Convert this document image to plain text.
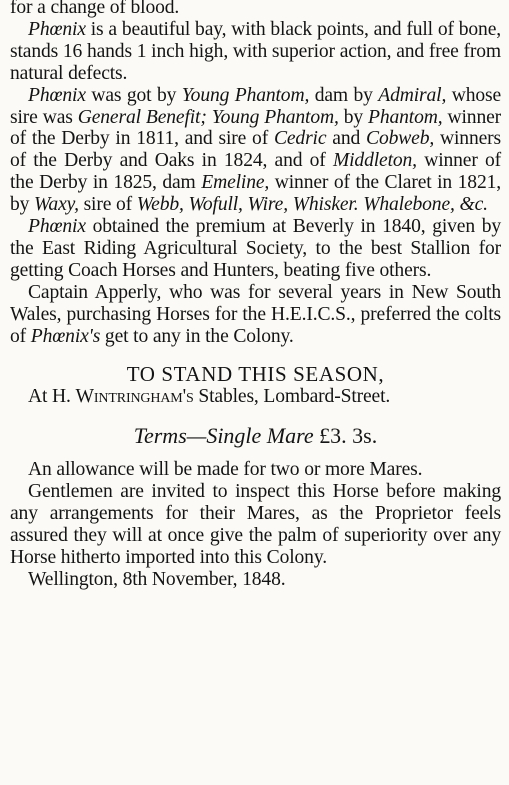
for a change of blood.

Phœnix is a beautiful bay, with black points, and full of bone, stands 16 hands 1 inch high, with superior action, and free from natural defects.

Phœnix was got by Young Phantom, dam by Admiral, whose sire was General Benefit; Young Phantom, by Phantom, winner of the Derby in 1811, and sire of Cedric and Cobweb, winners of the Derby and Oaks in 1824, and of Middleton, winner of the Derby in 1825, dam Emeline, winner of the Claret in 1821, by Waxy, sire of Webb, Wofull, Wire, Whisker. Whalebone, &c.

Phœnix obtained the premium at Beverly in 1840, given by the East Riding Agricultural Society, to the best Stallion for getting Coach Horses and Hunters, beating five others.

Captain Apperly, who was for several years in New South Wales, purchasing Horses for the H.E.I.C.S., preferred the colts of Phœnix's get to any in the Colony.

TO STAND THIS SEASON,

At H. Wintringham's Stables, Lombard-Street.

Terms—Single Mare £3. 3s.

An allowance will be made for two or more Mares.

Gentlemen are invited to inspect this Horse before making any arrangements for their Mares, as the Proprietor feels assured they will at once give the palm of superiority over any Horse hitherto imported into this Colony.

Wellington, 8th November, 1848.
